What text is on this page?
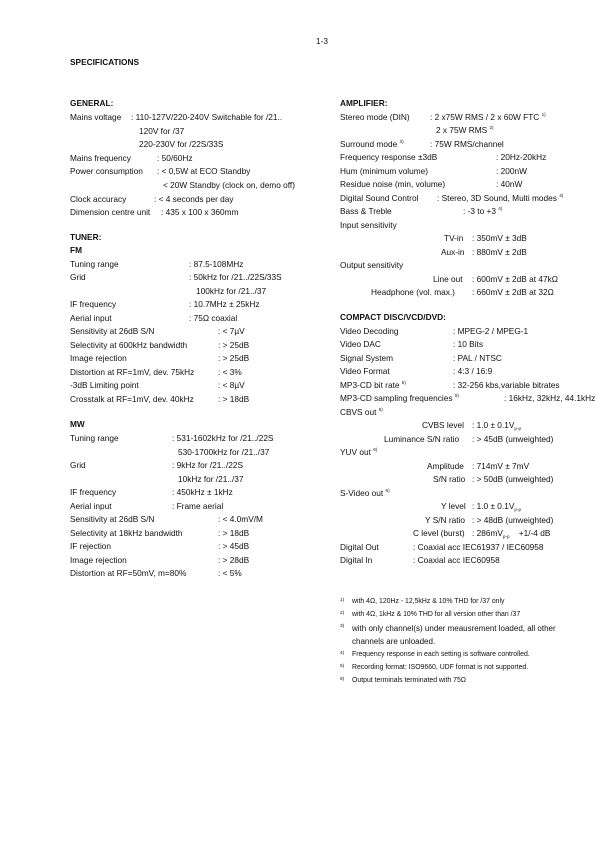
1-3
SPECIFICATIONS
GENERAL:
Mains voltage : 110-127V/220-240V Switchable for /21..
120V for /37
220-230V for /22S/33S
Mains frequency	: 50/60Hz
Power consumption : < 0,5W at ECO Standby
< 20W Standby (clock on, demo off)
Clock accuracy	: < 4 seconds per day
Dimension centre unit : 435 x 100 x 360mm
TUNER:
FM
Tuning range	: 87.5-108MHz
Grid	: 50kHz for /21../22S/33S
100kHz for /21../37
IF frequency	: 10.7MHz ± 25kHz
Aerial input	: 75Ω coaxial
Sensitivity at 26dB S/N	: < 7µV
Selectivity at 600kHz bandwidth	: > 25dB
Image rejection	: > 25dB
Distortion at RF=1mV, dev. 75kHz	: < 3%
-3dB Limiting point	: < 8µV
Crosstalk at RF=1mV, dev. 40kHz	: > 18dB
MW
Tuning range	: 531-1602kHz for /21../22S
530-1700kHz for /21../37
Grid	: 9kHz for /21../22S
10kHz for /21../37
IF frequency	: 450kHz ± 1kHz
Aerial input	: Frame aerial
Sensitivity at 26dB S/N	: < 4.0mV/M
Selectivity at 18kHz bandwidth	: > 18dB
IF rejection	: > 45dB
Image rejection	: > 28dB
Distortion at RF=50mV, m=80%	: < 5%
AMPLIFIER:
Stereo mode (DIN) : 2 x75W RMS / 2 x 60W FTC $^{1)}$
2 x 75W RMS $^{2)}$
Surround mode $^{3)}$	: 75W RMS/channel
Frequency response ±3dB	: 20Hz-20kHz
Hum (minimum volume)	: 200nW
Residue noise (min, volume)	: 40nW
Digital Sound Control : Stereo, 3D Sound, Multi modes $^{4)}$
Bass & Treble	: -3 to +3 $^{4)}$
Input sensitivity
TV-in : 350mV ± 3dB
Aux-in : 880mV ± 2dB
Output sensitivity
Line out : 600mV ± 2dB at 47kΩ
Headphone (vol. max.) : 660mV ± 2dB at 32Ω
COMPACT DISC/VCD/DVD:
Video Decoding	: MPEG-2 / MPEG-1
Video DAC	: 10 Bits
Signal System	: PAL / NTSC
Video Format	: 4:3 / 16:9
MP3-CD bit rate $^{5)}$	: 32-256 kbs,variable bitrates
MP3-CD sampling frequencies $^{5)}$	: 16kHz, 32kHz, 44.1kHz
CBVS out $^{6)}$
CVBS level : $1.0 \pm 0.1V_{p-p}$
Luminance S/N ratio : > 45dB (unweighted)
YUV out $^{6)}$
Amplitude : 714mV ± 7mV
S/N ratio : > 50dB (unweighted)
S-Video out $^{6)}$
Y level : $1.0 \pm 0.1V_{p-p}$
Y S/N ratio : > 48dB (unweighted)
C level (burst) : $286mV_{p-p} +1/-4$ dB
Digital Out	: Coaxial acc IEC61937 / IEC60958
Digital In	: Coaxial acc IEC60958
1) with 4Ω, 120Hz - 12,5kHz & 10% THD for /37 only
2) with 4Ω, 1kHz & 10% THD for all version other than /37
3) with only channel(s) under meausrement loaded, all other
channels are unloaded.
4) Frequency response in each setting is software controlled.
5) Recording format: ISO9660, UDF format is not supported.
6) Output terminals terminated with 75Ω
